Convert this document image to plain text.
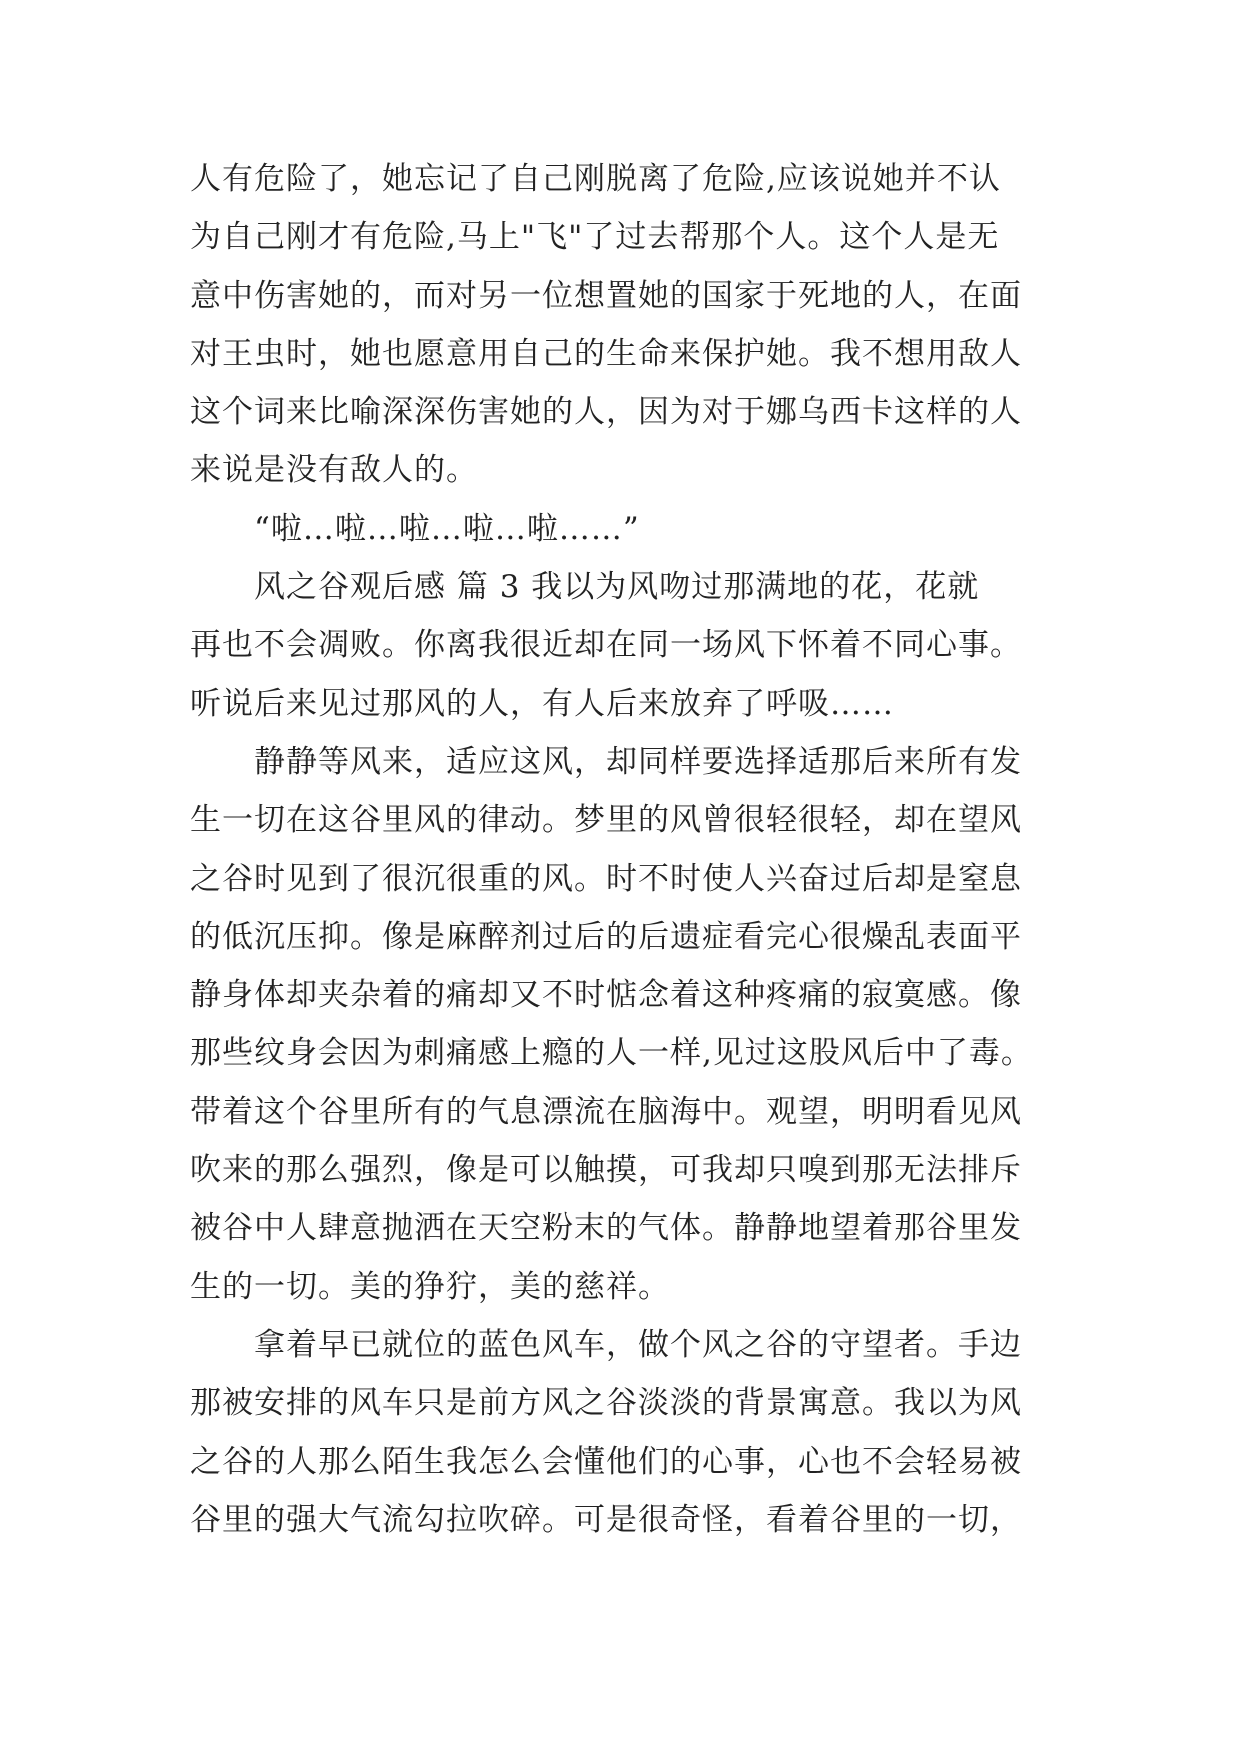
人有危险了，她忘记了自己刚脱离了危险,应该说她并不认
为自己刚才有危险,马上"飞"了过去帮那个人。这个人是无
意中伤害她的，而对另一位想置她的国家于死地的人，在面
对王虫时，她也愿意用自己的生命来保护她。我不想用敌人
这个词来比喻深深伤害她的人，因为对于娜乌西卡这样的人
来说是没有敌人的。
“啦…啦…啦…啦…啦……”
风之谷观后感 篇 3 我以为风吻过那满地的花，花就
再也不会凋败。你离我很近却在同一场风下怀着不同心事。
听说后来见过那风的人，有人后来放弃了呼吸……
静静等风来，适应这风，却同样要选择适那后来所有发
生一切在这谷里风的律动。梦里的风曾很轻很轻，却在望风
之谷时见到了很沉很重的风。时不时使人兴奋过后却是窒息
的低沉压抑。像是麻醉剂过后的后遗症看完心很燥乱表面平
静身体却夹杂着的痛却又不时惦念着这种疼痛的寂寞感。像
那些纹身会因为刺痛感上瘾的人一样,见过这股风后中了毒。
带着这个谷里所有的气息漂流在脑海中。观望，明明看见风
吹来的那么强烈，像是可以触摸，可我却只嗅到那无法排斥
被谷中人肆意抛洒在天空粉末的气体。静静地望着那谷里发
生的一切。美的狰狞，美的慈祥。
拿着早已就位的蓝色风车，做个风之谷的守望者。手边
那被安排的风车只是前方风之谷淡淡的背景寓意。我以为风
之谷的人那么陌生我怎么会懂他们的心事，心也不会轻易被
谷里的强大气流勾拉吹碎。可是很奇怪，看着谷里的一切，
